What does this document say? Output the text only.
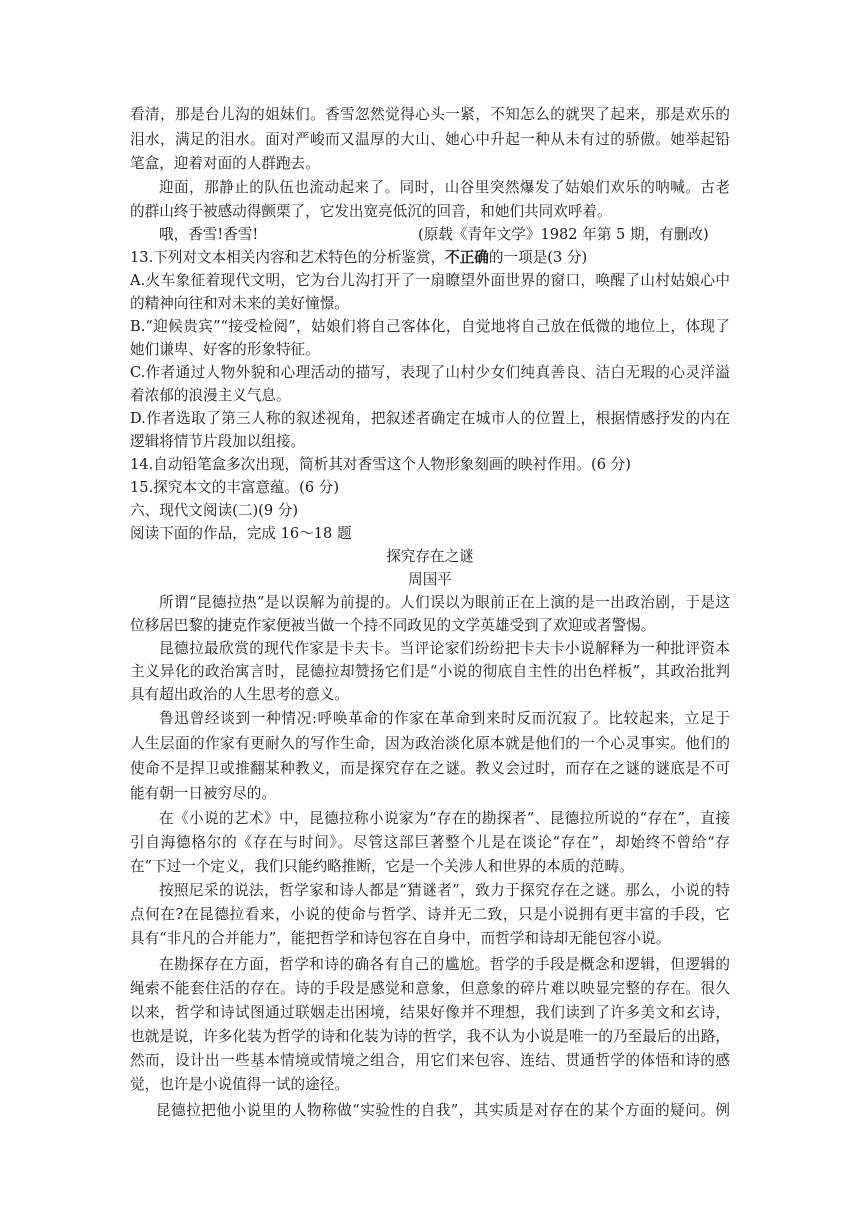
看清，那是台儿沟的姐妹们。香雪忽然觉得心头一紧，不知怎么的就哭了起来，那是欢乐的
泪水，满足的泪水。面对严峻而又温厚的大山、她心中升起一种从未有过的骄傲。她举起铅
笔盒，迎着对面的人群跑去。
迎面，那静止的队伍也流动起来了。同时，山谷里突然爆发了姑娘们欢乐的呐喊。古老
的群山终于被感动得颤栗了，它发出宽亮低沉的回音，和她们共同欢呼着。
哦，香雪!香雪!	(原载《青年文学》1982 年第 5 期，有删改)
13.下列对文本相关内容和艺术特色的分析鉴赏，不正确的一项是(3 分)
A.火车象征着现代文明，它为台儿沟打开了一扇瞭望外面世界的窗口，唤醒了山村姑娘心中
的精神向往和对未来的美好憧憬。
B.“迎候贵宾”“接受检阅”，姑娘们将自己客体化，自觉地将自己放在低微的地位上，体现了
她们谦卑、好客的形象特征。
C.作者通过人物外貌和心理活动的描写，表现了山村少女们纯真善良、洁白无瑕的心灵洋溢
着浓郁的浪漫主义气息。
D.作者选取了第三人称的叙述视角，把叙述者确定在城市人的位置上，根据情感抒发的内在
逻辑将情节片段加以组接。
14.自动铅笔盒多次出现，简析其对香雪这个人物形象刻画的映衬作用。(6 分)
15.探究本文的丰富意蕴。(6 分)
六、现代文阅读(二)(9 分)
阅读下面的作品，完成 16～18 题
探究存在之谜
周国平
所谓“昆德拉热”是以误解为前提的。人们误以为眼前正在上演的是一出政治剧，于是这
位移居巴黎的捷克作家便被当做一个持不同政见的文学英雄受到了欢迎或者警惕。
昆德拉最欣赏的现代作家是卡夫卡。当评论家们纷纷把卡夫卡小说解释为一种批评资本
主义异化的政治寓言时，昆德拉却赞扬它们是“小说的彻底自主性的出色样板”，其政治批判
具有超出政治的人生思考的意义。
鲁迅曾经谈到一种情况:呼唤革命的作家在革命到来时反而沉寂了。比较起来，立足于
人生层面的作家有更耐久的写作生命，因为政治淡化原本就是他们的一个心灵事实。他们的
使命不是捍卫或推翻某种教义，而是探究存在之谜。教义会过时，而存在之谜的谜底是不可
能有朝一日被穷尽的。
在《小说的艺术》中，昆德拉称小说家为“存在的勘探者”、昆德拉所说的“存在”，直接
引自海德格尔的《存在与时间》。尽管这部巨著整个儿是在谈论“存在”，却始终不曾给“存
在”下过一个定义，我们只能约略推断，它是一个关涉人和世界的本质的范畴。
按照尼采的说法，哲学家和诗人都是“猜谜者”，致力于探究存在之谜。那么，小说的特
点何在?在昆德拉看来，小说的使命与哲学、诗并无二致，只是小说拥有更丰富的手段，它
具有“非凡的合并能力”，能把哲学和诗包容在自身中，而哲学和诗却无能包容小说。
在勘探存在方面，哲学和诗的确各有自己的尴尬。哲学的手段是概念和逻辑，但逻辑的
绳索不能套住活的存在。诗的手段是感觉和意象，但意象的碎片难以映显完整的存在。很久
以来，哲学和诗试图通过联姻走出困境，结果好像并不理想，我们读到了许多美文和玄诗，
也就是说，许多化装为哲学的诗和化装为诗的哲学，我不认为小说是唯一的乃至最后的出路，
然而，设计出一些基本情境或情境之组合，用它们来包容、连结、贯通哲学的体悟和诗的感
觉，也许是小说值得一试的途径。
昆德拉把他小说里的人物称做“实验性的自我”，其实质是对存在的某个方面的疑问。例
